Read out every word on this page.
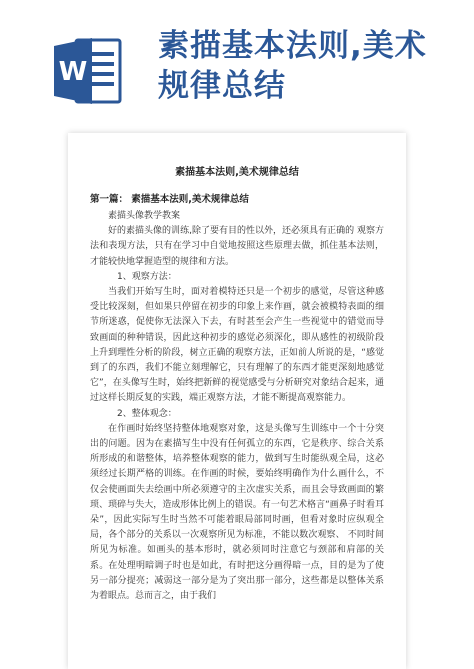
W
素描基本法则,美术规律总结
素描基本法则,美术规律总结
第一篇： 素描基本法则,美术规律总结

素描头像教学教案

好的素描头像的训练,除了要有目的性以外，还必须具有正确的 观察方法和表现方法，只有在学习中自觉地按照这些原理去做，抓住基本法则，才能较快地掌握造型的规律和方法。

1、观察方法：

当我们开始写生时，面对着模特还只是一个初步的感觉，尽管这种感受比较深刻，但如果只停留在初步的印象上来作画，就会被模特表面的细节所迷惑，促使你无法深入下去，有时甚至会产生一些视觉中的错觉而导致画面的种种错误，因此这种初步的感觉必须深化，即从感性的初级阶段上升到理性分析的阶段，树立正确的观察方法，正如前人所说的是，“感觉到了的东西，我们不能立刻理解它，只有理解了的东西才能更深刻地感觉它”，在头像写生时，始终把新鲜的视觉感受与分析研究对象结合起来，通过这样长期反复的实践，端正观察方法，才能不断提高观察能力。

2、整体观念：

在作画时始终坚持整体地观察对象，这是头像写生训练中一个十分突出的问题。因为在素描写生中没有任何孤立的东西，它是秩序、综合关系所形成的和谐整体，培养整体观察的能力，做到写生时能纵观全局，这必须经过长期严格的训练。在作画的时候，要始终明确作为什么画什么，不仅会使画面失去绘画中所必须遵守的主次虚实关系，而且会导致画面的繁琐、琐碎与失大，造成形体比例上的错误。有一句艺术格言“画鼻子时看耳朵”，因此实际写生时当然不可能着眼局部同时画，但看对象时应纵观全局，各个部分的关系以一次观察所见为标准，不能以数次观察、 不同时间所见为标准。如画头的基本形时，就必须同时注意它与颈部和肩部的关系。在处理明暗调子时也是如此，有时把这分画得暗一点，目的是为了使另一部分提亮；减弱这一部分是为了突出那一部分，这些都是以整体关系为着眼点。总而言之，由于我们
